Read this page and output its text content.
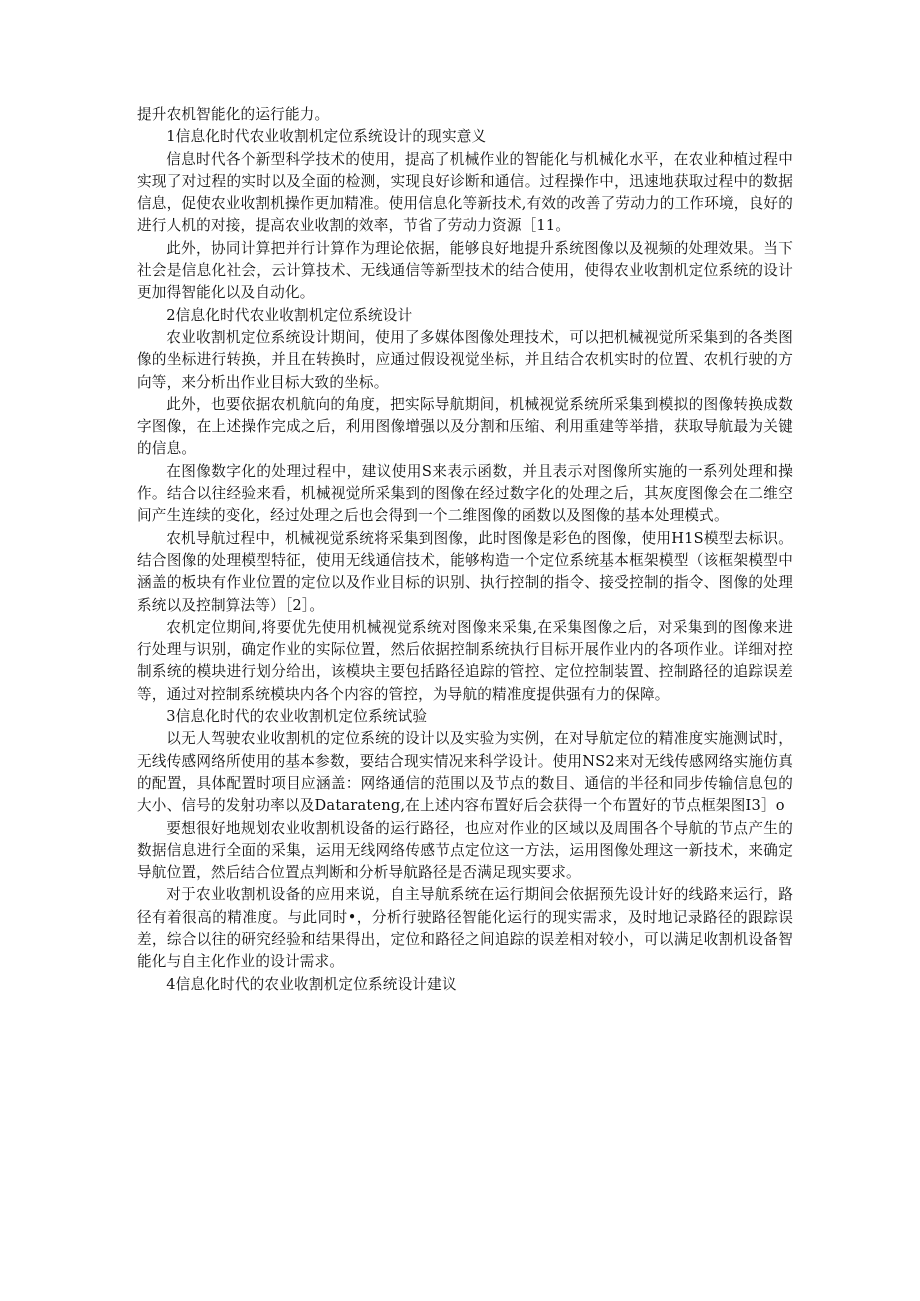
提升农机智能化的运行能力。

1信息化时代农业收割机定位系统设计的现实意义

信息时代各个新型科学技术的使用，提高了机械作业的智能化与机械化水平，在农业种植过程中实现了对过程的实时以及全面的检测，实现良好诊断和通信。过程操作中，迅速地获取过程中的数据信息，促使农业收割机操作更加精准。使用信息化等新技术,有效的改善了劳动力的工作环境，良好的进行人机的对接，提高农业收割的效率，节省了劳动力资源［11。

此外，协同计算把并行计算作为理论依据，能够良好地提升系统图像以及视频的处理效果。当下社会是信息化社会，云计算技术、无线通信等新型技术的结合使用，使得农业收割机定位系统的设计更加得智能化以及自动化。

2信息化时代农业收割机定位系统设计

农业收割机定位系统设计期间，使用了多媒体图像处理技术，可以把机械视觉所采集到的各类图像的坐标进行转换，并且在转换时，应通过假设视觉坐标，并且结合农机实时的位置、农机行驶的方向等，来分析出作业目标大致的坐标。

此外，也要依据农机航向的角度，把实际导航期间，机械视觉系统所采集到模拟的图像转换成数字图像，在上述操作完成之后，利用图像增强以及分割和压缩、利用重建等举措，获取导航最为关键的信息。

在图像数字化的处理过程中，建议使用S来表示函数，并且表示对图像所实施的一系列处理和操作。结合以往经验来看，机械视觉所采集到的图像在经过数字化的处理之后，其灰度图像会在二维空间产生连续的变化，经过处理之后也会得到一个二维图像的函数以及图像的基本处理模式。

农机导航过程中，机械视觉系统将采集到图像，此时图像是彩色的图像，使用H1S模型去标识。结合图像的处理模型特征，使用无线通信技术，能够构造一个定位系统基本框架模型（该框架模型中涵盖的板块有作业位置的定位以及作业目标的识别、执行控制的指令、接受控制的指令、图像的处理系统以及控制算法等）［2］。

农机定位期间,将要优先使用机械视觉系统对图像来采集,在采集图像之后，对采集到的图像来进行处理与识别，确定作业的实际位置，然后依据控制系统执行目标开展作业内的各项作业。详细对控制系统的模块进行划分给出，该模块主要包括路径追踪的管控、定位控制装置、控制路径的追踪误差等，通过对控制系统模块内各个内容的管控，为导航的精准度提供强有力的保障。

3信息化时代的农业收割机定位系统试验

以无人驾驶农业收割机的定位系统的设计以及实验为实例，在对导航定位的精准度实施测试时，无线传感网络所使用的基本参数，要结合现实情况来科学设计。使用NS2来对无线传感网络实施仿真的配置，具体配置时项目应涵盖：网络通信的范围以及节点的数目、通信的半径和同步传输信息包的大小、信号的发射功率以及Datarateng,在上述内容布置好后会获得一个布置好的节点框架图I3］o

要想很好地规划农业收割机设备的运行路径，也应对作业的区域以及周围各个导航的节点产生的数据信息进行全面的采集，运用无线网络传感节点定位这一方法，运用图像处理这一新技术，来确定导航位置，然后结合位置点判断和分析导航路径是否满足现实要求。

对于农业收割机设备的应用来说，自主导航系统在运行期间会依据预先设计好的线路来运行，路径有着很高的精准度。与此同时•，分析行驶路径智能化运行的现实需求，及时地记录路径的跟踪误差，综合以往的研究经验和结果得出，定位和路径之间追踪的误差相对较小，可以满足收割机设备智能化与自主化作业的设计需求。

4信息化时代的农业收割机定位系统设计建议
